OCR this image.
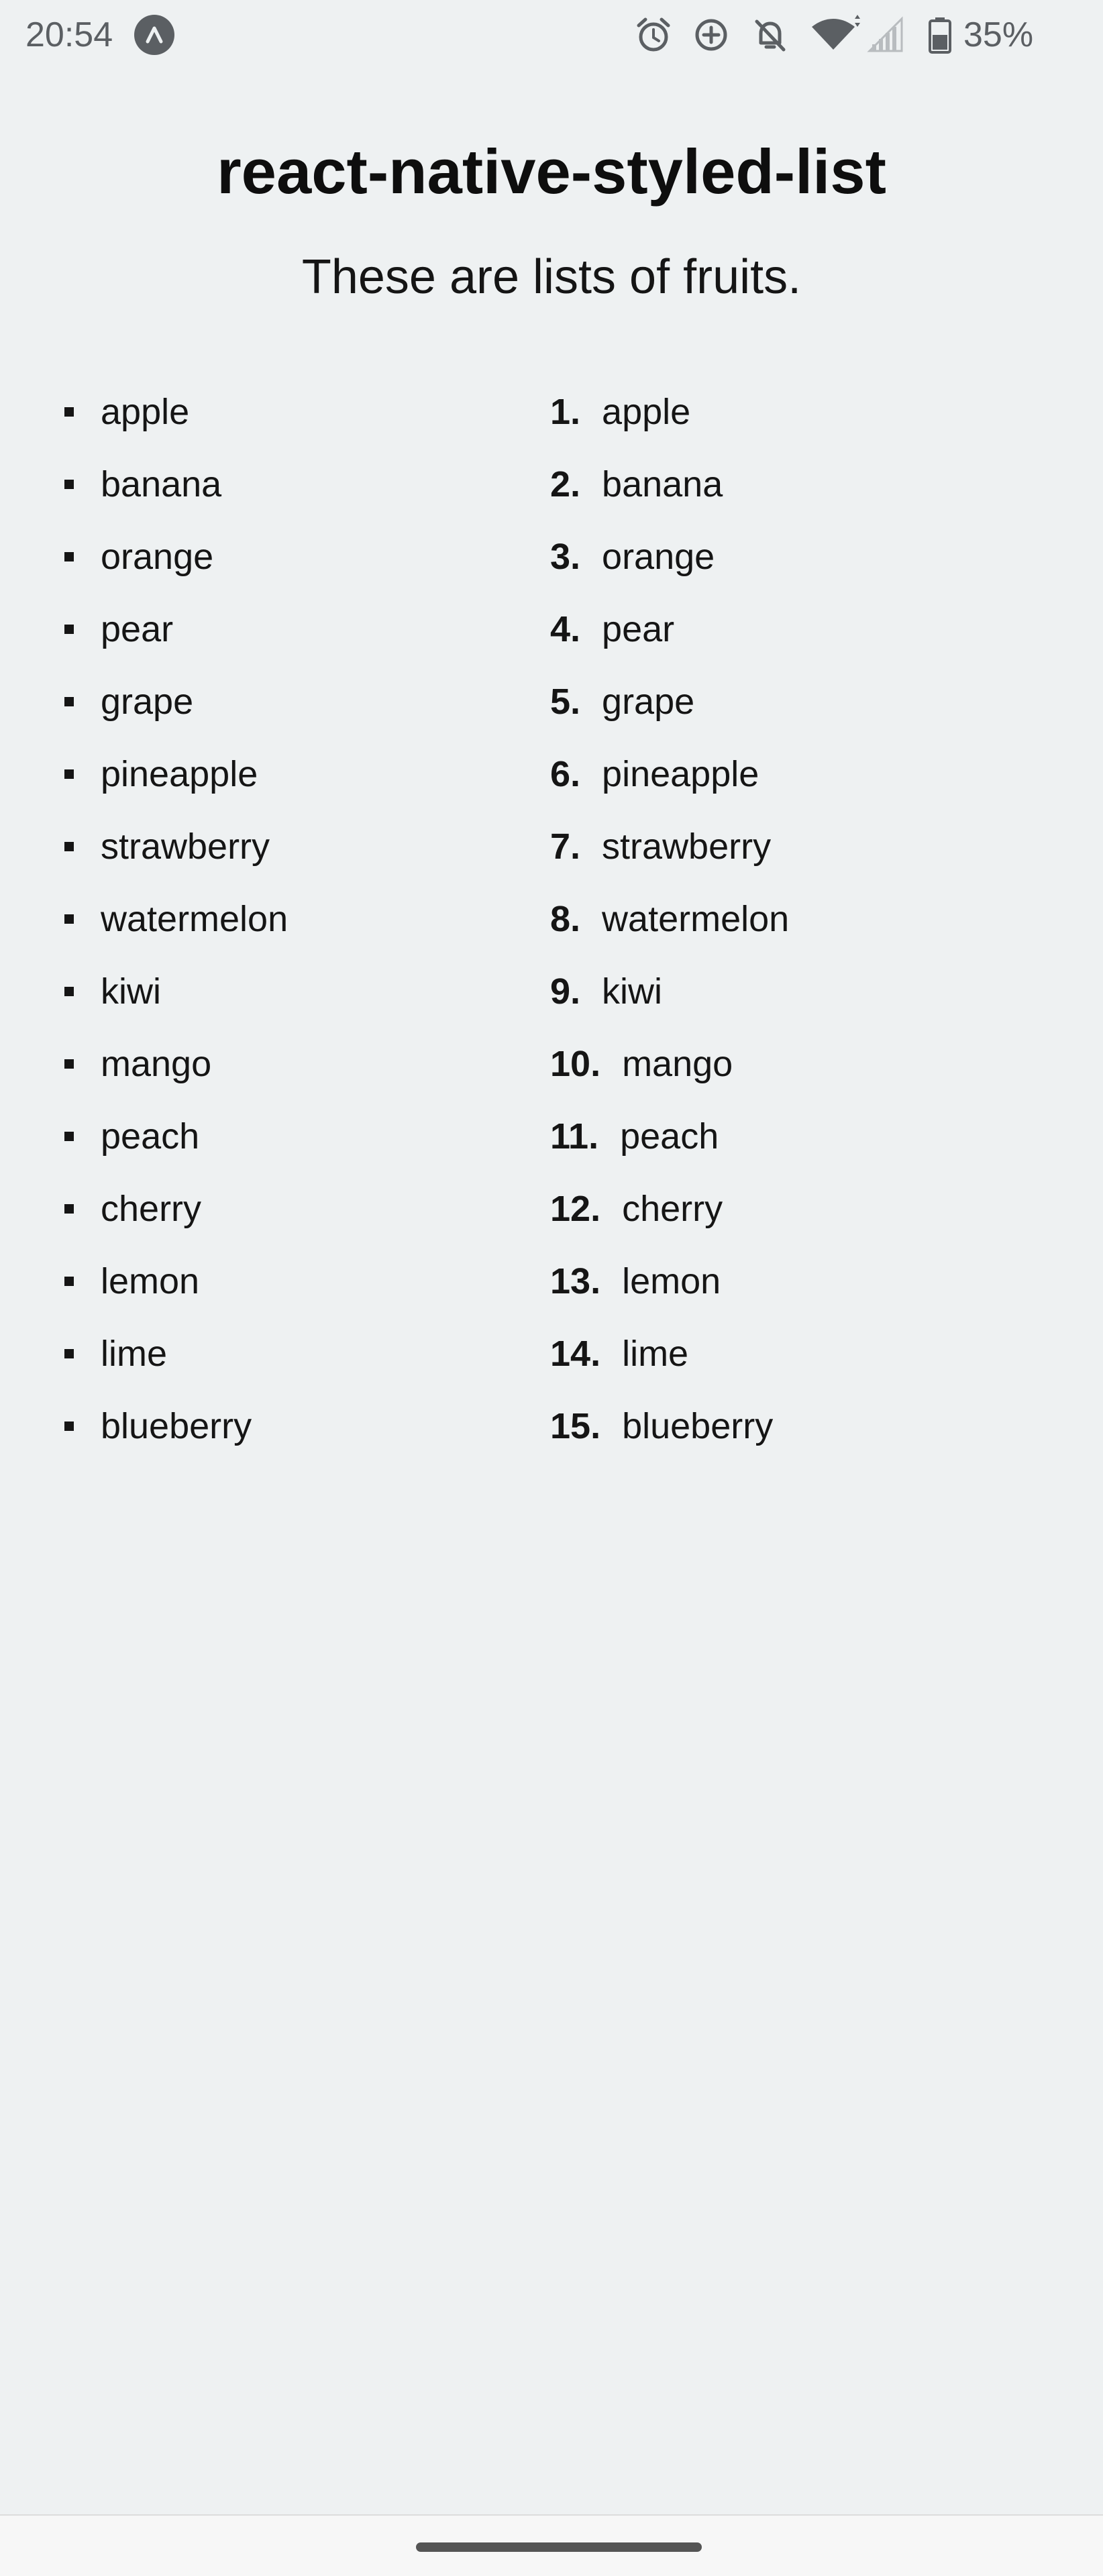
20:54	35%
react-native-styled-list

These are lists of fruits.

apple
banana
orange
pear
grape
pineapple
strawberry
watermelon
kiwi
mango
peach
cherry
lemon
lime
blueberry
1. apple
2. banana
3. orange
4. pear
5. grape
6. pineapple
7. strawberry
8. watermelon
9. kiwi
10. mango
11. peach
12. cherry
13. lemon
14. lime
15. blueberry
